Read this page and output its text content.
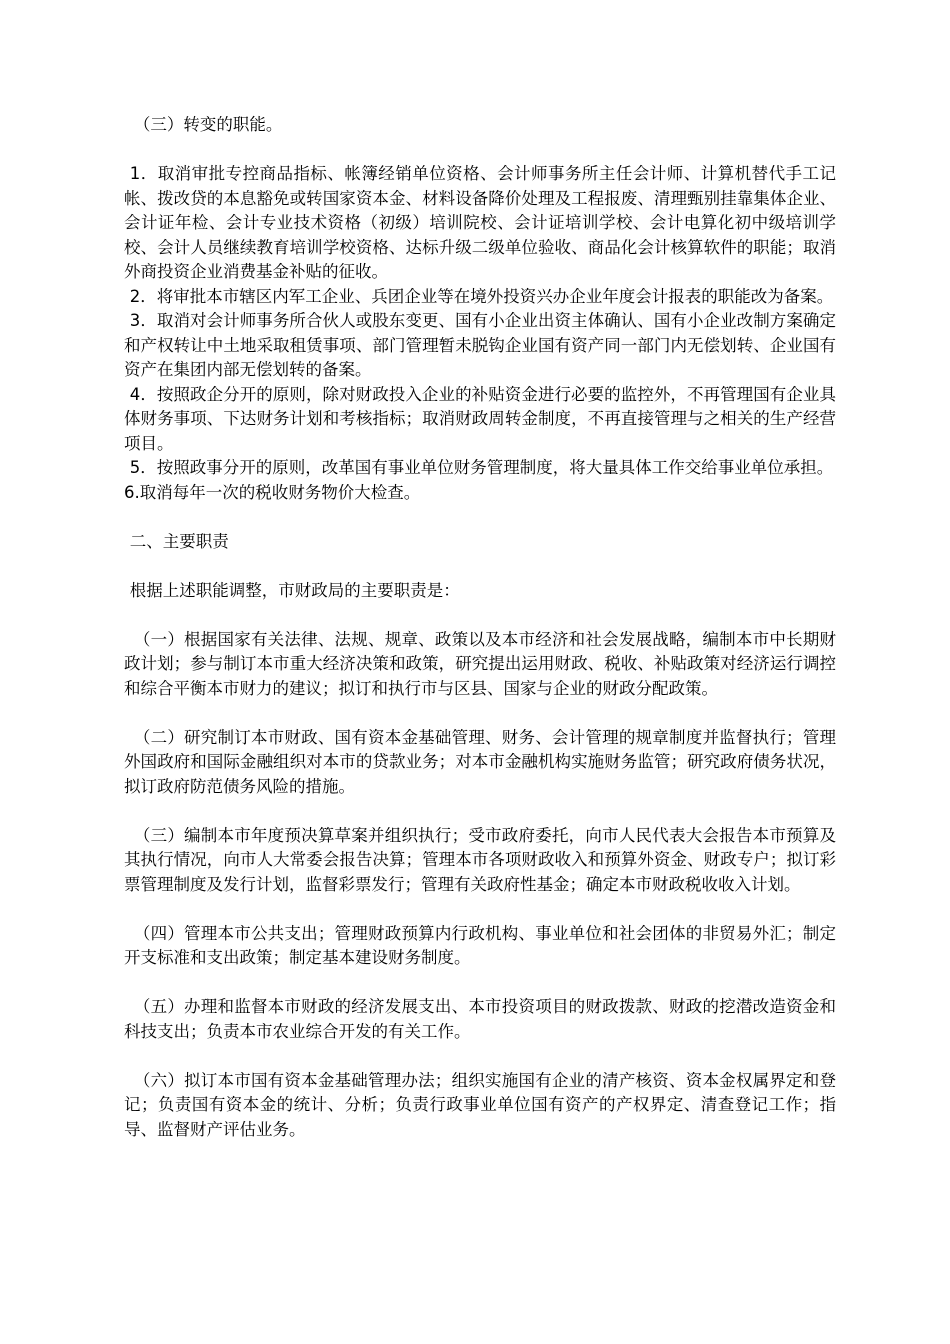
（三）转变的职能。

1．取消审批专控商品指标、帐簿经销单位资格、会计师事务所主任会计师、计算机替代手工记帐、拨改贷的本息豁免或转国家资本金、材料设备降价处理及工程报废、清理甄别挂靠集体企业、会计证年检、会计专业技术资格（初级）培训院校、会计证培训学校、会计电算化初中级培训学校、会计人员继续教育培训学校资格、达标升级二级单位验收、商品化会计核算软件的职能；取消外商投资企业消费基金补贴的征收。

2．将审批本市辖区内军工企业、兵团企业等在境外投资兴办企业年度会计报表的职能改为备案。

3．取消对会计师事务所合伙人或股东变更、国有小企业出资主体确认、国有小企业改制方案确定和产权转让中土地采取租赁事项、部门管理暂未脱钩企业国有资产同一部门内无偿划转、企业国有资产在集团内部无偿划转的备案。

4．按照政企分开的原则，除对财政投入企业的补贴资金进行必要的监控外，不再管理国有企业具体财务事项、下达财务计划和考核指标；取消财政周转金制度，不再直接管理与之相关的生产经营项目。

5．按照政事分开的原则，改革国有事业单位财务管理制度，将大量具体工作交给事业单位承担。

6.取消每年一次的税收财务物价大检查。

二、主要职责

根据上述职能调整，市财政局的主要职责是：

（一）根据国家有关法律、法规、规章、政策以及本市经济和社会发展战略，编制本市中长期财政计划；参与制订本市重大经济决策和政策，研究提出运用财政、税收、补贴政策对经济运行调控和综合平衡本市财力的建议；拟订和执行市与区县、国家与企业的财政分配政策。

（二）研究制订本市财政、国有资本金基础管理、财务、会计管理的规章制度并监督执行；管理外国政府和国际金融组织对本市的贷款业务；对本市金融机构实施财务监管；研究政府债务状况，拟订政府防范债务风险的措施。

（三）编制本市年度预决算草案并组织执行；受市政府委托，向市人民代表大会报告本市预算及其执行情况，向市人大常委会报告决算；管理本市各项财政收入和预算外资金、财政专户；拟订彩票管理制度及发行计划，监督彩票发行；管理有关政府性基金；确定本市财政税收收入计划。

（四）管理本市公共支出；管理财政预算内行政机构、事业单位和社会团体的非贸易外汇；制定开支标准和支出政策；制定基本建设财务制度。

（五）办理和监督本市财政的经济发展支出、本市投资项目的财政拨款、财政的挖潜改造资金和科技支出；负责本市农业综合开发的有关工作。

（六）拟订本市国有资本金基础管理办法；组织实施国有企业的清产核资、资本金权属界定和登记；负责国有资本金的统计、分析；负责行政事业单位国有资产的产权界定、清查登记工作；指导、监督财产评估业务。
